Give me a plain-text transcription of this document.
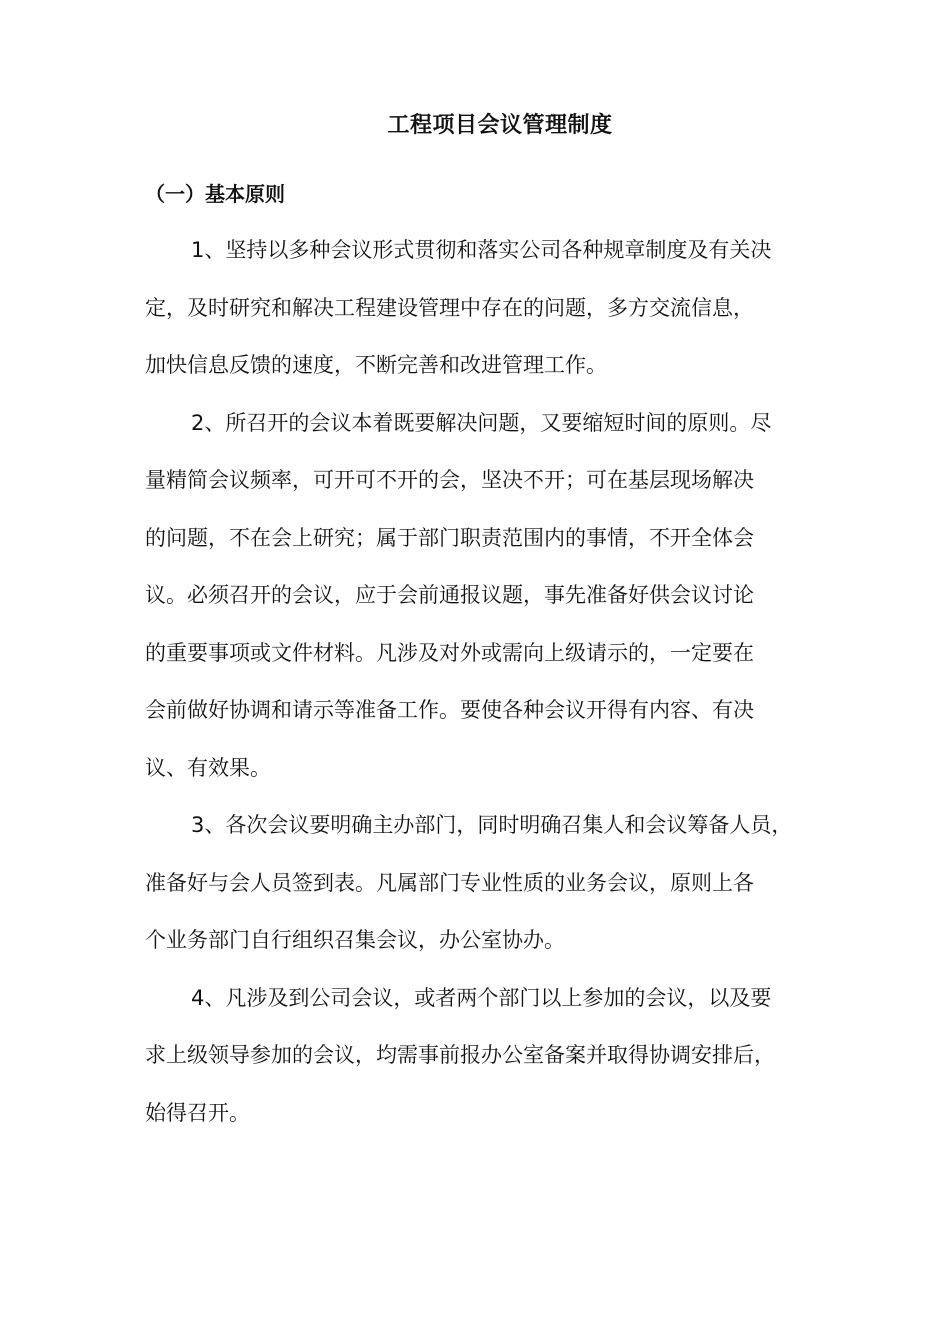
工程项目会议管理制度
（一）基本原则
1、坚持以多种会议形式贯彻和落实公司各种规章制度及有关决
定，及时研究和解决工程建设管理中存在的问题，多方交流信息，
加快信息反馈的速度，不断完善和改进管理工作。
2、所召开的会议本着既要解决问题，又要缩短时间的原则。尽
量精简会议频率，可开可不开的会，坚决不开；可在基层现场解决
的问题，不在会上研究；属于部门职责范围内的事情，不开全体会
议。必须召开的会议，应于会前通报议题，事先准备好供会议讨论
的重要事项或文件材料。凡涉及对外或需向上级请示的，一定要在
会前做好协调和请示等准备工作。要使各种会议开得有内容、有决
议、有效果。
3、各次会议要明确主办部门，同时明确召集人和会议筹备人员，
准备好与会人员签到表。凡属部门专业性质的业务会议，原则上各
个业务部门自行组织召集会议，办公室协办。
4、凡涉及到公司会议，或者两个部门以上参加的会议，以及要
求上级领导参加的会议，均需事前报办公室备案并取得协调安排后，
始得召开。
